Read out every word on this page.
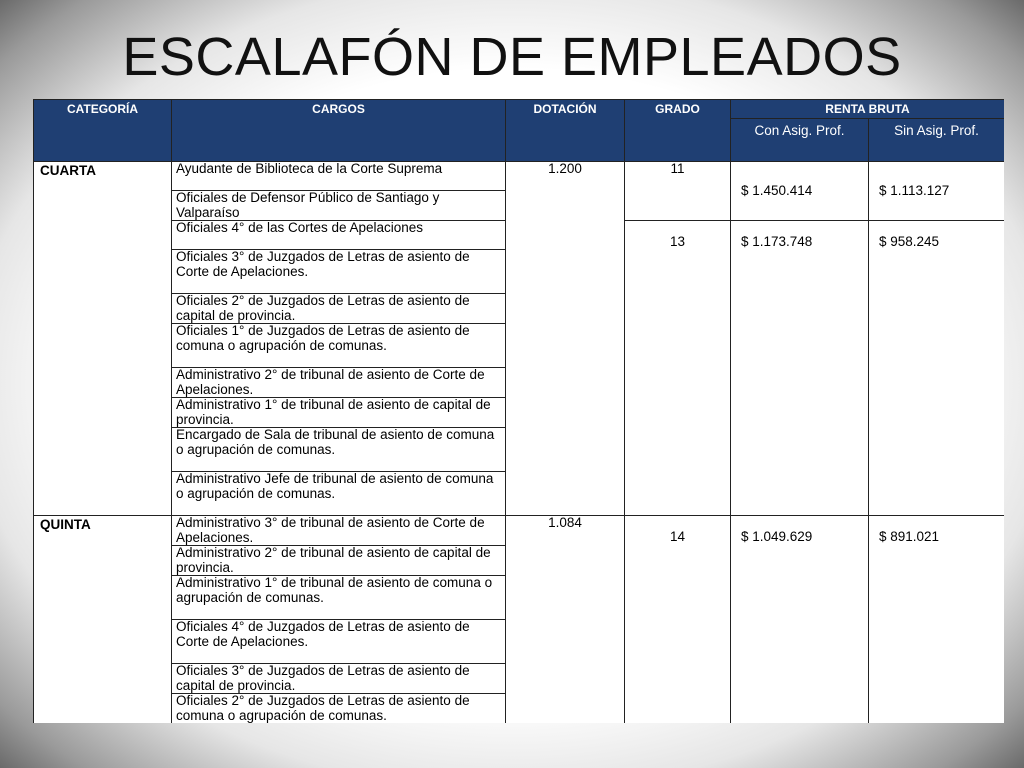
ESCALAFÓN DE EMPLEADOS
CATEGORÍA	CARGOS	DOTACIÓN	GRADO	RENTA BRUTA	
				Con Asig. Prof.	Sin Asig. Prof.
CUARTA	Ayudante de Biblioteca de la Corte Suprema	1.200	11	$ 1.450.414	$ 1.113.127
	Oficiales de Defensor Público de Santiago y Valparaíso				
	Oficiales 4° de las Cortes de Apelaciones		13	$ 1.173.748	$ 958.245
	Oficiales 3° de Juzgados de Letras de asiento de Corte de Apelaciones.				
	Oficiales 2° de Juzgados de Letras de asiento de capital de provincia.				
	Oficiales 1° de Juzgados de Letras de asiento de comuna o agrupación de comunas.				
	Administrativo 2° de tribunal de asiento de Corte de Apelaciones.				
	Administrativo 1° de tribunal de asiento de capital de provincia.				
	Encargado de Sala de tribunal de asiento de comuna o agrupación de comunas.				
	Administrativo Jefe de tribunal de asiento de comuna o agrupación de comunas.				
QUINTA	Administrativo 3° de tribunal de asiento de Corte de Apelaciones.	1.084	14	$ 1.049.629	$ 891.021
	Administrativo 2° de tribunal de asiento de capital de provincia.				
	Administrativo 1° de tribunal de asiento de comuna o agrupación de comunas.				
	Oficiales 4° de Juzgados de Letras de asiento de Corte de Apelaciones.				
	Oficiales 3° de Juzgados de Letras de asiento de capital de provincia.				
	Oficiales 2° de Juzgados de Letras de asiento de comuna o agrupación de comunas.				
